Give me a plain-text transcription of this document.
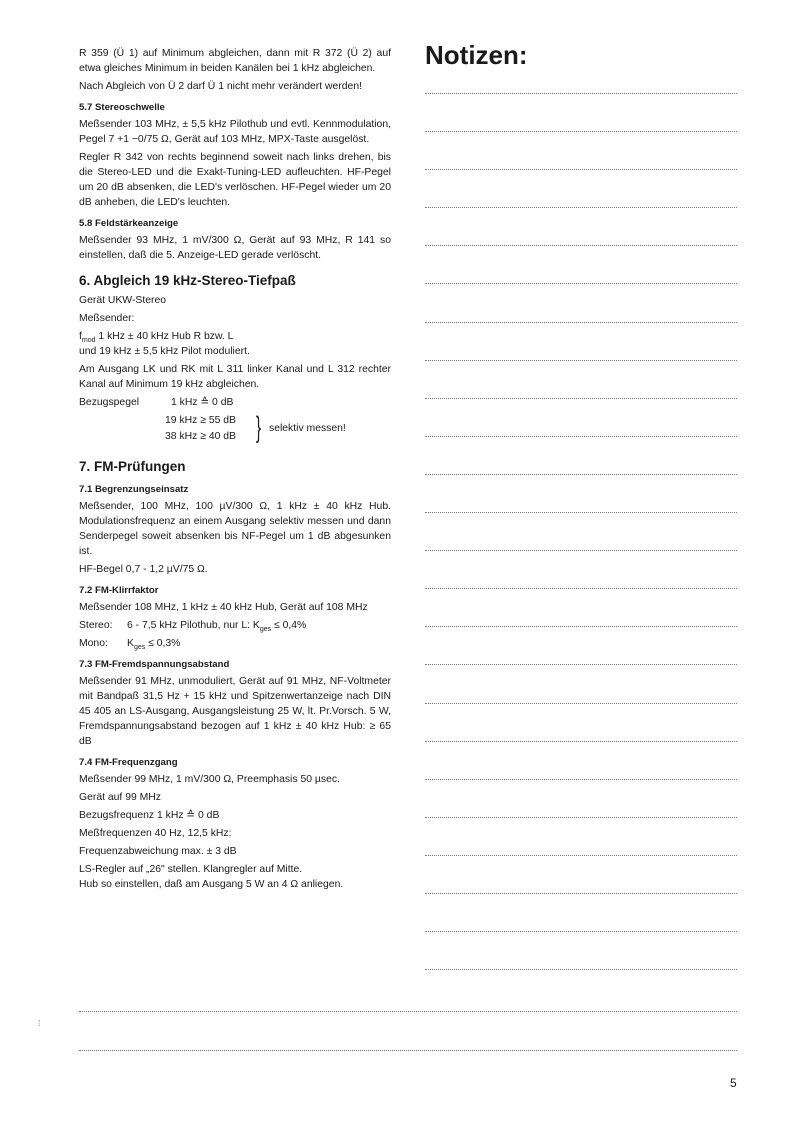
R 359 (Ü 1) auf Minimum abgleichen, dann mit R 372 (Ü 2) auf etwa gleiches Minimum in beiden Kanälen bei 1 kHz abgleichen.

Nach Abgleich von Ü 2 darf Ü 1 nicht mehr verändert werden!

5.7 Stereoschwelle

Meßsender 103 MHz, ± 5,5 kHz Pilothub und evtl. Kennmodulation, Pegel 7 +1 −0/75 Ω, Gerät auf 103 MHz, MPX-Taste ausgelöst.

Regler R 342 von rechts beginnend soweit nach links drehen, bis die Stereo-LED und die Exakt-Tuning-LED aufleuchten. HF-Pegel um 20 dB absenken, die LED's verlöschen. HF-Pegel wieder um 20 dB anheben, die LED's leuchten.

5.8 Feldstärkeanzeige

Meßsender 93 MHz, 1 mV/300 Ω, Gerät auf 93 MHz, R 141 so einstellen, daß die 5. Anzeige-LED gerade verlöscht.

6. Abgleich 19 kHz-Stereo-Tiefpaß

Gerät UKW-Stereo

Meßsender:

$f_{mod}$ 1 kHz ± 40 kHz Hub R bzw. L

und 19 kHz ± 5,5 kHz Pilot moduliert.

Am Ausgang LK und RK mit L 311 linker Kanal und L 312 rechter Kanal auf Minimum 19 kHz abgleichen.

Bezugspegel	1 kHz ≙ 0 dB
19 kHz ≥ 55 dB
38 kHz ≥ 40 dB } selektiv messen!
7. FM-Prüfungen
7.1 Begrenzungseinsatz

Meßsender, 100 MHz, 100 µV/300 Ω, 1 kHz ± 40 kHz Hub. Modulationsfrequenz an einem Ausgang selektiv messen und dann Senderpegel soweit absenken bis NF-Pegel um 1 dB abgesunken ist.

HF-Begel 0,7 - 1,2 µV/75 Ω.

7.2 FM-Klirrfaktor

Meßsender 108 MHz, 1 kHz ± 40 kHz Hub, Gerät auf 108 MHz

Stereo: 6 - 7,5 kHz Pilothub, nur L: $K_{ges} \le 0,4\%$

Mono: $K_{ges} \le 0,3\%$

7.3 FM-Fremdspannungsabstand

Meßsender 91 MHz, unmoduliert, Gerät auf 91 MHz, NF-Voltmeter mit Bandpaß 31,5 Hz + 15 kHz und Spitzenwertanzeige nach DIN 45 405 an LS-Ausgang, Ausgangsleistung 25 W, lt. Pr.Vorsch. 5 W, Fremdspannungsabstand bezogen auf 1 kHz ± 40 kHz Hub: ≥ 65 dB

7.4 FM-Frequenzgang

Meßsender 99 MHz, 1 mV/300 Ω, Preemphasis 50 µsec.

Gerät auf 99 MHz

Bezugsfrequenz 1 kHz ≙ 0 dB

Meßfrequenzen 40 Hz, 12,5 kHz:

Frequenzabweichung max. ± 3 dB

LS-Regler auf „26" stellen. Klangregler auf Mitte.

Hub so einstellen, daß am Ausgang 5 W an 4 Ω anliegen.

Notizen:
⁞
5
